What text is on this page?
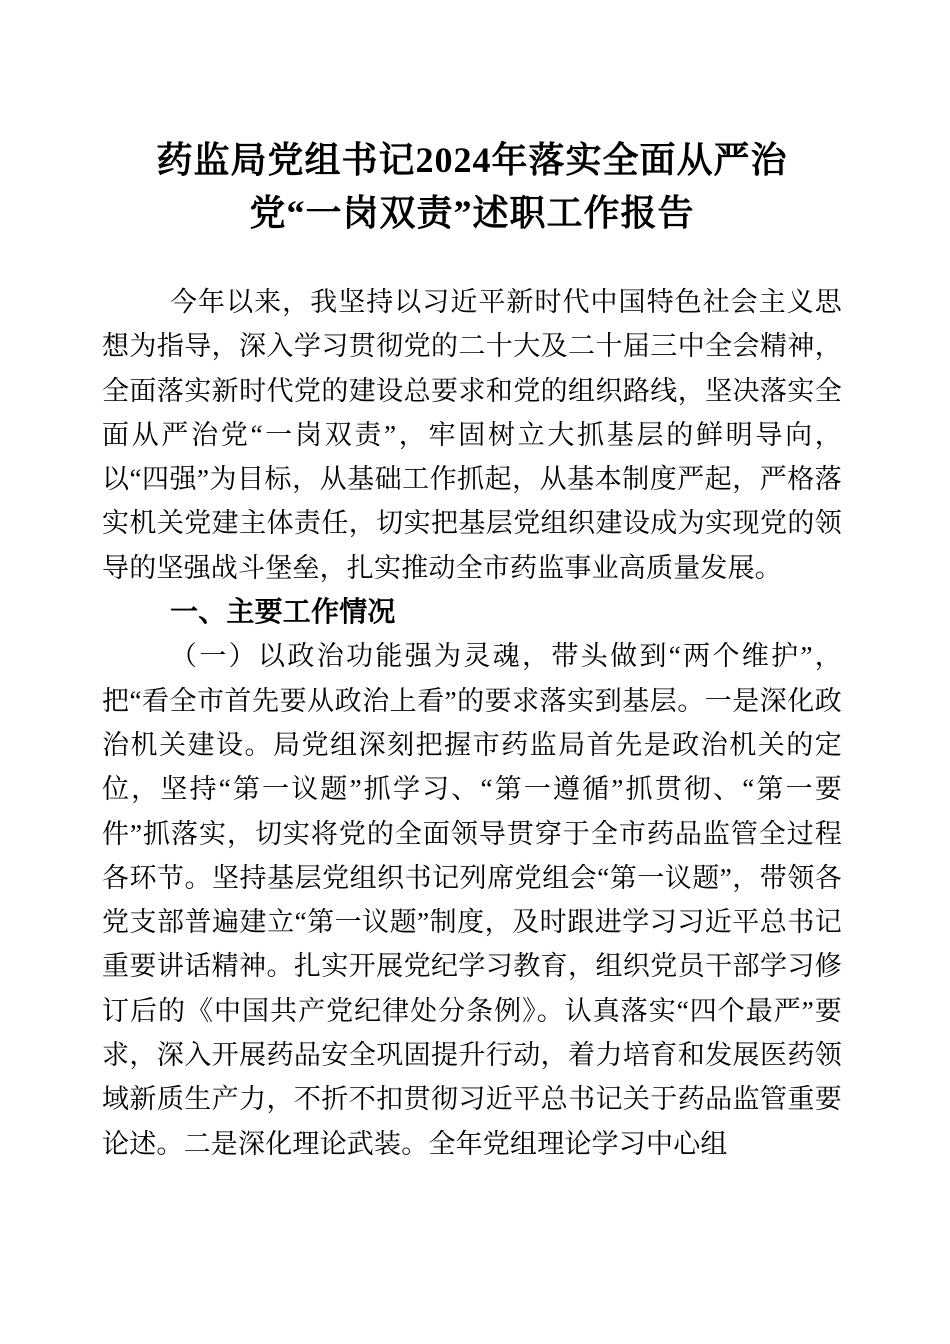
药监局党组书记2024年落实全面从严治
党“一岗双责”述职工作报告

今年以来，我坚持以习近平新时代中国特色社会主义思想为指导，深入学习贯彻党的二十大及二十届三中全会精神，全面落实新时代党的建设总要求和党的组织路线，坚决落实全面从严治党“一岗双责”，牢固树立大抓基层的鲜明导向，以“四强”为目标，从基础工作抓起，从基本制度严起，严格落实机关党建主体责任，切实把基层党组织建设成为实现党的领导的坚强战斗堡垒，扎实推动全市药监事业高质量发展。

一、主要工作情况

（一）以政治功能强为灵魂，带头做到“两个维护”，把“看全市首先要从政治上看”的要求落实到基层。一是深化政治机关建设。局党组深刻把握市药监局首先是政治机关的定位，坚持“第一议题”抓学习、“第一遵循”抓贯彻、“第一要件”抓落实，切实将党的全面领导贯穿于全市药品监管全过程各环节。坚持基层党组织书记列席党组会“第一议题”，带领各党支部普遍建立“第一议题”制度，及时跟进学习习近平总书记重要讲话精神。扎实开展党纪学习教育，组织党员干部学习修订后的《中国共产党纪律处分条例》。认真落实“四个最严”要求，深入开展药品安全巩固提升行动，着力培育和发展医药领域新质生产力，不折不扣贯彻习近平总书记关于药品监管重要论述。二是深化理论武装。全年党组理论学习中心组
